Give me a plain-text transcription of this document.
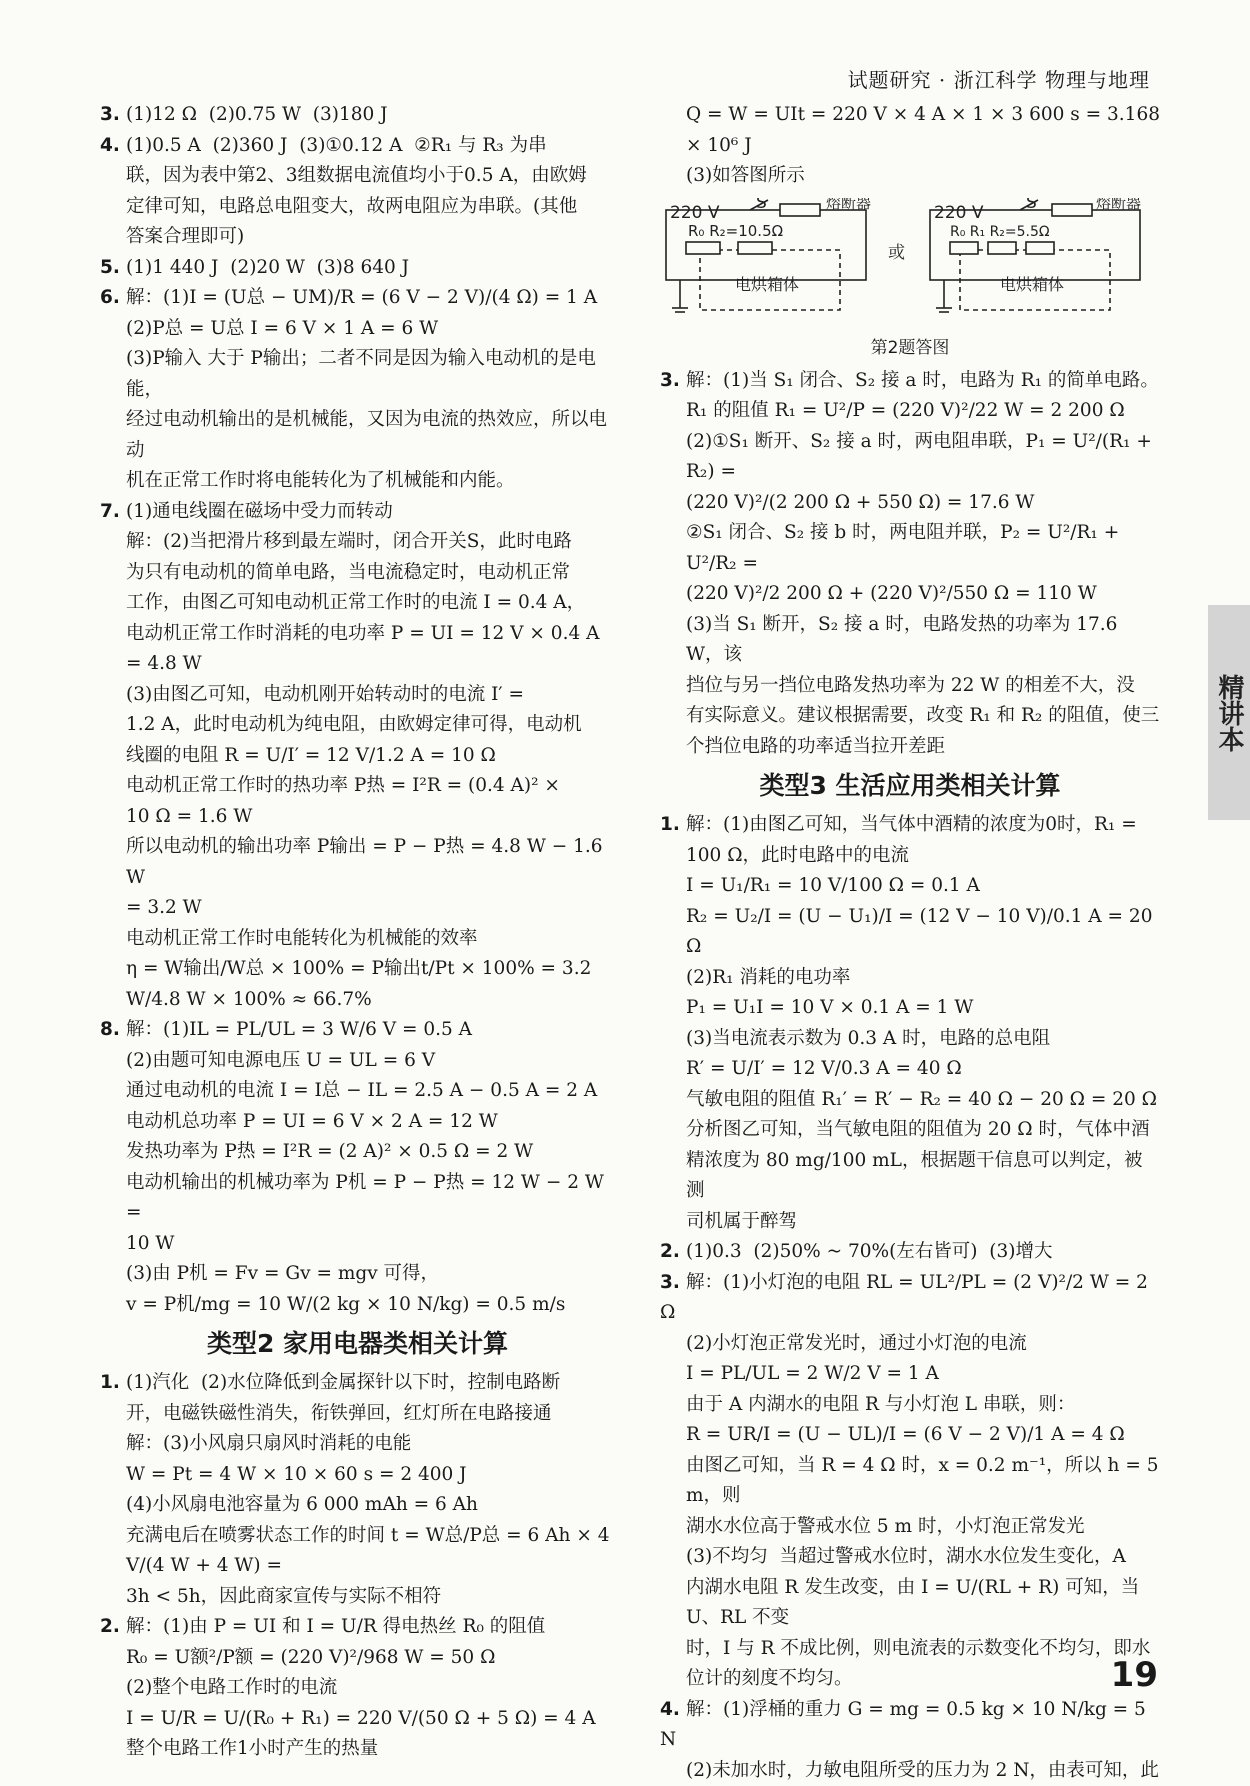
试题研究 · 浙江科学 物理与地理
3. (1)12 Ω  (2)0.75 W  (3)180 J
4. (1)0.5 A  (2)360 J  (3)①0.12 A  ②R₁ 与 R₃ 为串
联，因为表中第2、3组数据电流值均小于0.5 A，由欧姆
定律可知，电路总电阻变大，故两电阻应为串联。(其他
答案合理即可)
5. (1)1 440 J  (2)20 W  (3)8 640 J
6. 解：(1)I = (U总 − UM)/R = (6 V − 2 V)/(4 Ω) = 1 A
(2)P总 = U总 I = 6 V × 1 A = 6 W
(3)P输入 大于 P输出；二者不同是因为输入电动机的是电能，
经过电动机输出的是机械能，又因为电流的热效应，所以电动
机在正常工作时将电能转化为了机械能和内能。
7. (1)通电线圈在磁场中受力而转动
解：(2)当把滑片移到最左端时，闭合开关S，此时电路
为只有电动机的简单电路，当电流稳定时，电动机正常
工作，由图乙可知电动机正常工作时的电流 I = 0.4 A，
电动机正常工作时消耗的电功率 P = UI = 12 V × 0.4 A
= 4.8 W
(3)由图乙可知，电动机刚开始转动时的电流 I′ =
1.2 A，此时电动机为纯电阻，由欧姆定律可得，电动机
线圈的电阻 R = U/I′ = 12 V/1.2 A = 10 Ω
电动机正常工作时的热功率 P热 = I²R = (0.4 A)² ×
10 Ω = 1.6 W
所以电动机的输出功率 P输出 = P − P热 = 4.8 W − 1.6 W
= 3.2 W
电动机正常工作时电能转化为机械能的效率
η = W输出/W总 × 100% = P输出t/Pt × 100% = 3.2 W/4.8 W × 100% ≈ 66.7%
8. 解：(1)IL = PL/UL = 3 W/6 V = 0.5 A
(2)由题可知电源电压 U = UL = 6 V
通过电动机的电流 I = I总 − IL = 2.5 A − 0.5 A = 2 A
电动机总功率 P = UI = 6 V × 2 A = 12 W
发热功率为 P热 = I²R = (2 A)² × 0.5 Ω = 2 W
电动机输出的机械功率为 P机 = P − P热 = 12 W − 2 W =
10 W
(3)由 P机 = Fv = Gv = mgv 可得，
v = P机/mg = 10 W/(2 kg × 10 N/kg) = 0.5 m/s
类型2 家用电器类相关计算
1. (1)汽化  (2)水位降低到金属探针以下时，控制电路断
开，电磁铁磁性消失，衔铁弹回，红灯所在电路接通
解：(3)小风扇只扇风时消耗的电能
W = Pt = 4 W × 10 × 60 s = 2 400 J
(4)小风扇电池容量为 6 000 mAh = 6 Ah
充满电后在喷雾状态工作的时间 t = W总/P总 = 6 Ah × 4 V/(4 W + 4 W) =
3h < 5h，因此商家宣传与实际不相符
2. 解：(1)由 P = UI 和 I = U/R 得电热丝 R₀ 的阻值
R₀ = U额²/P额 = (220 V)²/968 W = 50 Ω
(2)整个电路工作时的电流
I = U/R = U/(R₀ + R₁) = 220 V/(50 Ω + 5 Ω) = 4 A
整个电路工作1小时产生的热量
Q = W = UIt = 220 V × 4 A × 1 × 3 600 s = 3.168 × 10⁶ J
(3)如答图所示
220 V S	熔断器
R₀ R₂=10.5Ω
电烘箱体
或
220 V	S	熔断器
R₀ R₁ R₂=5.5Ω
电烘箱体
第2题答图
3. 解：(1)当 S₁ 闭合、S₂ 接 a 时，电路为 R₁ 的简单电路。
R₁ 的阻值 R₁ = U²/P = (220 V)²/22 W = 2 200 Ω
(2)①S₁ 断开、S₂ 接 a 时，两电阻串联，P₁ = U²/(R₁ + R₂) =
(220 V)²/(2 200 Ω + 550 Ω) = 17.6 W
②S₁ 闭合、S₂ 接 b 时，两电阻并联，P₂ = U²/R₁ + U²/R₂ =
(220 V)²/2 200 Ω + (220 V)²/550 Ω = 110 W
(3)当 S₁ 断开，S₂ 接 a 时，电路发热的功率为 17.6 W，该
挡位与另一挡位电路发热功率为 22 W 的相差不大，没
有实际意义。建议根据需要，改变 R₁ 和 R₂ 的阻值，使三
个挡位电路的功率适当拉开差距
类型3 生活应用类相关计算
1. 解：(1)由图乙可知，当气体中酒精的浓度为0时，R₁ =
100 Ω，此时电路中的电流
I = U₁/R₁ = 10 V/100 Ω = 0.1 A
R₂ = U₂/I = (U − U₁)/I = (12 V − 10 V)/0.1 A = 20 Ω
(2)R₁ 消耗的电功率
P₁ = U₁I = 10 V × 0.1 A = 1 W
(3)当电流表示数为 0.3 A 时，电路的总电阻
R′ = U/I′ = 12 V/0.3 A = 40 Ω
气敏电阻的阻值 R₁′ = R′ − R₂ = 40 Ω − 20 Ω = 20 Ω
分析图乙可知，当气敏电阻的阻值为 20 Ω 时，气体中酒
精浓度为 80 mg/100 mL，根据题干信息可以判定，被测
司机属于醉驾
2. (1)0.3  (2)50% ~ 70%(左右皆可)  (3)增大
3. 解：(1)小灯泡的电阻 RL = UL²/PL = (2 V)²/2 W = 2 Ω
(2)小灯泡正常发光时，通过小灯泡的电流
I = PL/UL = 2 W/2 V = 1 A
由于 A 内湖水的电阻 R 与小灯泡 L 串联，则：
R = UR/I = (U − UL)/I = (6 V − 2 V)/1 A = 4 Ω
由图乙可知，当 R = 4 Ω 时，x = 0.2 m⁻¹，所以 h = 5 m，则
湖水水位高于警戒水位 5 m 时，小灯泡正常发光
(3)不均匀  当超过警戒水位时，湖水水位发生变化，A
内湖水电阻 R 发生改变，由 I = U/(RL + R) 可知，当 U、RL 不变
时，I 与 R 不成比例，则电流表的示数变化不均匀，即水
位计的刻度不均匀。
4. 解：(1)浮桶的重力 G = mg = 0.5 kg × 10 N/kg = 5 N
(2)未加水时，力敏电阻所受的压力为 2 N，由表可知，此
精讲本
19
